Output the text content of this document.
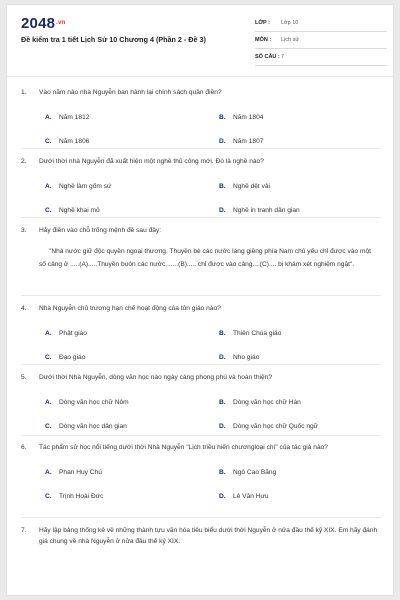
$2048^{.vn}$
Đề kiểm tra 1 tiết Lịch Sử 10 Chương 4 (Phần 2 - Đề 3)
LỚP :	Lớp 10
MÔN :	Lịch sử
SỐ CÂU : 7
1.	Vào năm nào nhà Nguyễn ban hành lại chính sách quân điền?
A.	Năm 1812	B.	Năm 1804
C.	Năm 1806	D.	Năm 1807
2.	Dưới thời nhà Nguyễn đã xuất hiện một nghề thủ công mới. Đó là nghề nào?
A.	Nghề làm gốm sứ	B.	Nghề dệt vải
C.	Nghề khai mỏ	D.	Nghề in tranh dân gian
3.	Hãy điền vào chỗ trống mệnh đề sau đây:
"Nhà nước giữ độc quyền ngoại thương. Thuyền bè các nước láng giềng phía Nam chủ yếu chỉ được vào một số cảng ở .....(A).....Thuyền buôn các nước.......(B)..... chỉ được vào cảng....(C).... bị khám xét nghiệm ngặt".
4.	Nhà Nguyễn chủ trương hạn chế hoạt động của tôn giáo nào?
A.	Phật giáo	B.	Thiên Chúa giáo
C.	Đạo giáo	D.	Nho giáo
5.	Dưới thời Nhà Nguyễn, dòng văn học nào ngày càng phong phú và hoàn thiện?
A.	Dòng văn học chữ Nôm	B.	Dòng văn học chữ Hán
C.	Dòng văn học dân gian	D.	Dòng văn học chữ Quốc ngữ
6.	Tác phẩm sử học nổi tiếng dưới thời Nhà Nguyễn "Lịch triều hiến chươngloại chí" của tác giả nào?
A.	Phan Huy Chú	B.	Ngô Cao Bãng
C.	Trịnh Hoài Đức	D.	Lê Văn Hưu
7.	Hãy lập bảng thống kê về những thành tựu văn hóa tiêu biểu dưới thời Nguyễn ở nửa đầu thế kỷ XIX. Em hãy đánh giá chung về nhà Nguyễn ở nửa đầu thế kỷ XIX.
